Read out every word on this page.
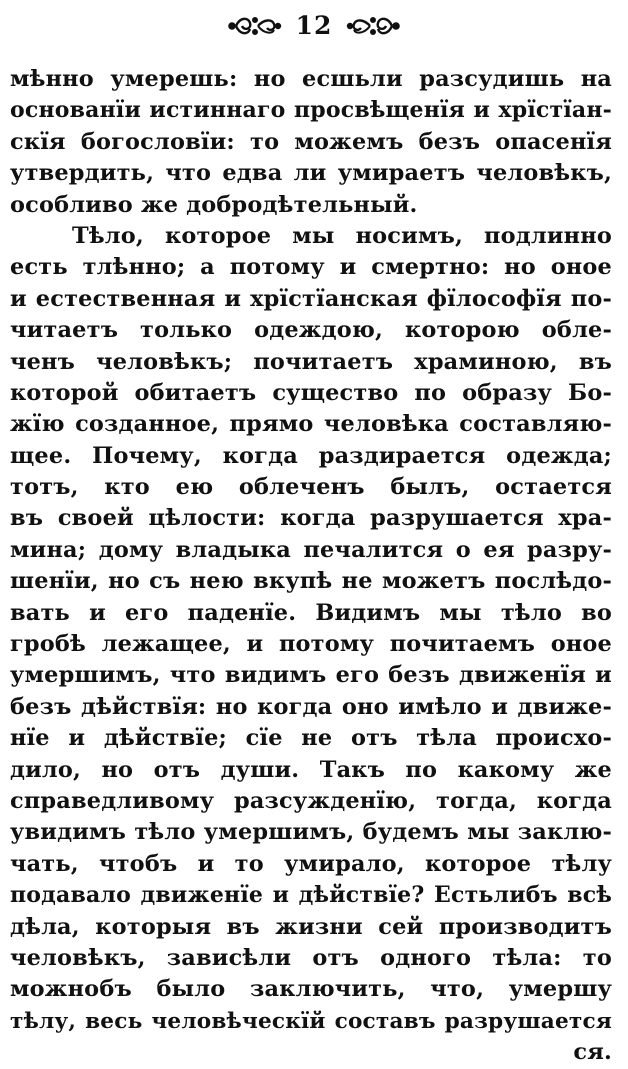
12
мѣнно умерешь: но есшьли разсудишь на
основанїи истиннаго просвѣщенїя и хрїстїан-
скїя богословїи: то можемъ безъ опасенїя
утвердить, что едва ли умираетъ человѣкъ,
особливо же добродѣтельный.
Тѣло, которое мы носимъ, подлинно
есть тлѣнно; а потому и смертно: но оное
и естественная и хрїстїанская фїлософїя по-
читаетъ только одеждою, которою обле-
ченъ человѣкъ; почитаетъ храминою, въ
которой обитаетъ существо по образу Бо-
жїю созданное, прямо человѣка составляю-
щее. Почему, когда раздирается одежда;
тотъ, кто ею облеченъ былъ, остается
въ своей цѣлости: когда разрушается хра-
мина; дому владыка печалится о ея разру-
шенїи, но съ нею вкупѣ не можетъ послѣдо-
вать и его паденїе. Видимъ мы тѣло во
гробѣ лежащее, и потому почитаемъ оное
умершимъ, что видимъ его безъ движенїя и
безъ дѣйствїя: но когда оно имѣло и движе-
нїе и дѣйствїе; сїе не отъ тѣла происхо-
дило, но отъ души. Такъ по какому же
справедливому разсужденїю, тогда, когда
увидимъ тѣло умершимъ, будемъ мы заклю-
чать, чтобъ и то умирало, которое тѣлу
подавало движенїе и дѣйствїе? Естьлибъ всѣ
дѣла, которыя въ жизни сей производитъ
человѣкъ, зависѣли отъ одного тѣла: то
можнобъ было заключить, что, умершу
тѣлу, весь человѣческїй составъ разрушается
ся.
